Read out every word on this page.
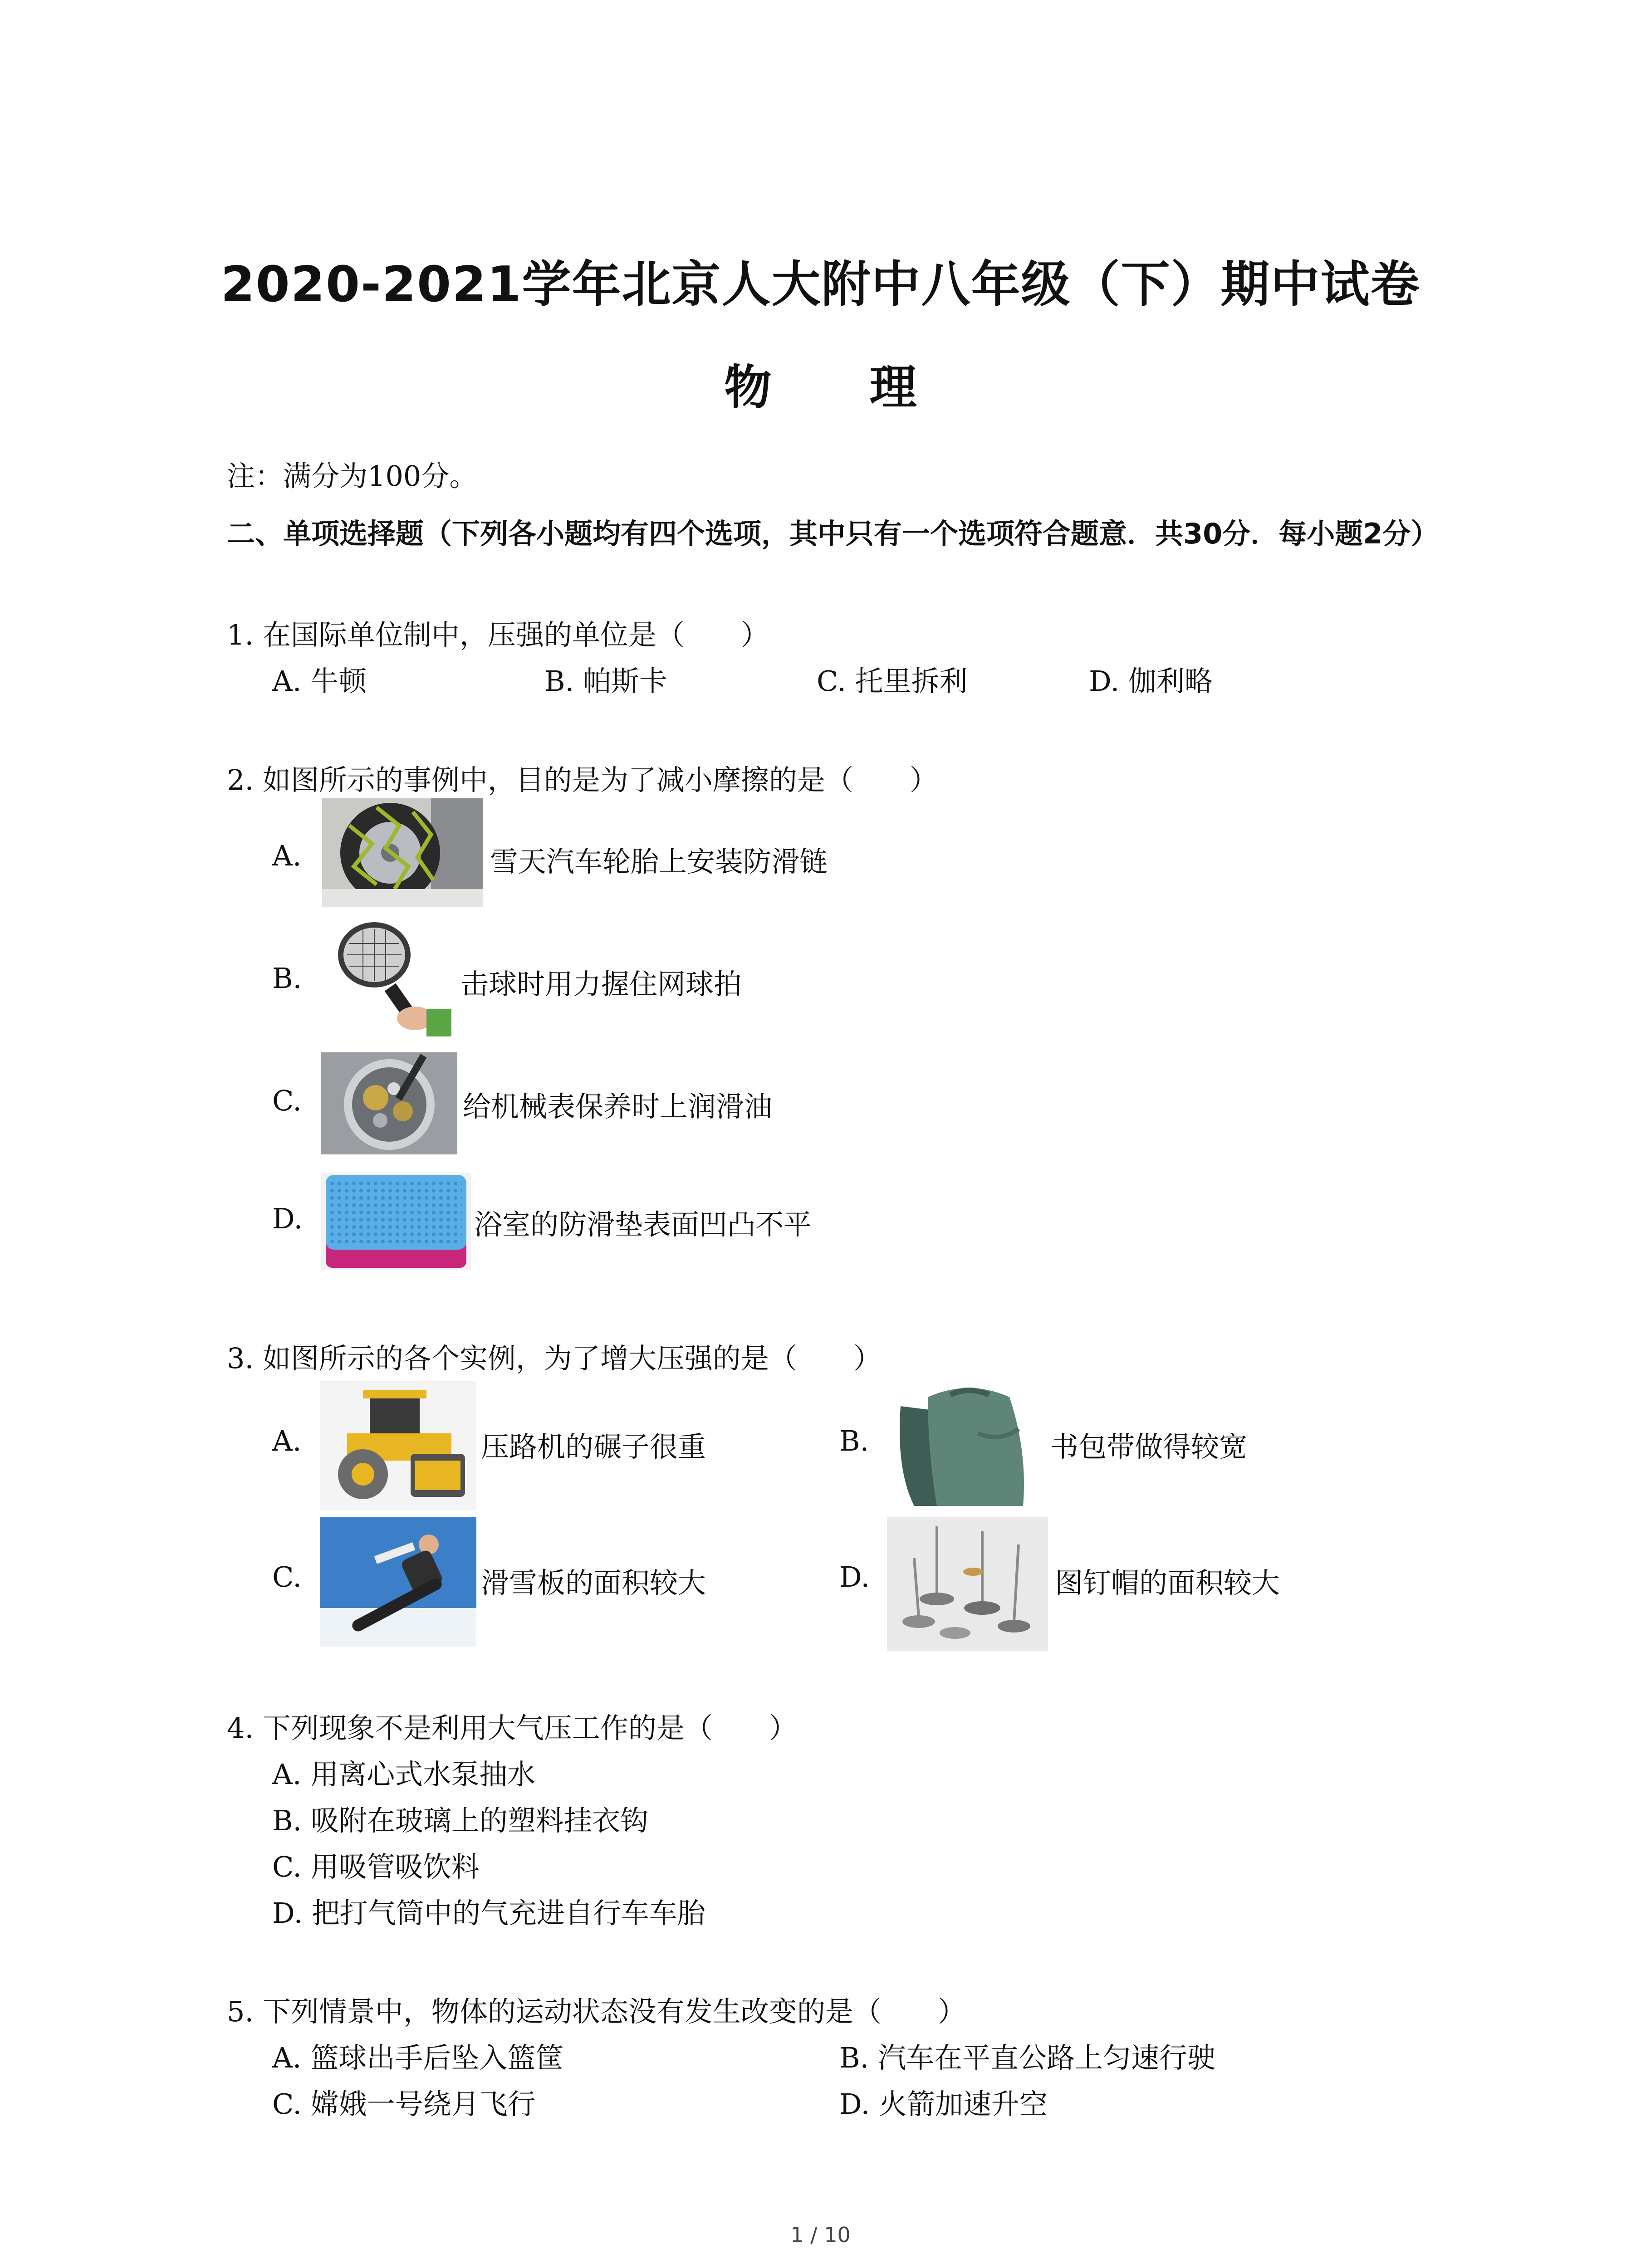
2020-2021学年北京人大附中八年级（下）期中试卷
物 理
注：满分为100分。
二、单项选择题（下列各小题均有四个选项，其中只有一个选项符合题意．共30分．每小题2分）
1. 在国际单位制中，压强的单位是（　　）
A. 牛顿	B. 帕斯卡	C. 托里拆利	D. 伽利略
2. 如图所示的事例中，目的是为了减小摩擦的是（　　）
A.	雪天汽车轮胎上安装防滑链
B.	击球时用力握住网球拍
C.	给机械表保养时上润滑油
D.	浴室的防滑垫表面凹凸不平
3. 如图所示的各个实例，为了增大压强的是（　　）
A.	压路机的碾子很重	B.	书包带做得较宽
C.	滑雪板的面积较大	D.	图钉帽的面积较大
4. 下列现象不是利用大气压工作的是（　　）
A. 用离心式水泵抽水
B. 吸附在玻璃上的塑料挂衣钩
C. 用吸管吸饮料
D. 把打气筒中的气充进自行车车胎
5. 下列情景中，物体的运动状态没有发生改变的是（　　）
A. 篮球出手后坠入篮筐	B. 汽车在平直公路上匀速行驶
C. 嫦娥一号绕月飞行	D. 火箭加速升空
1 / 10
